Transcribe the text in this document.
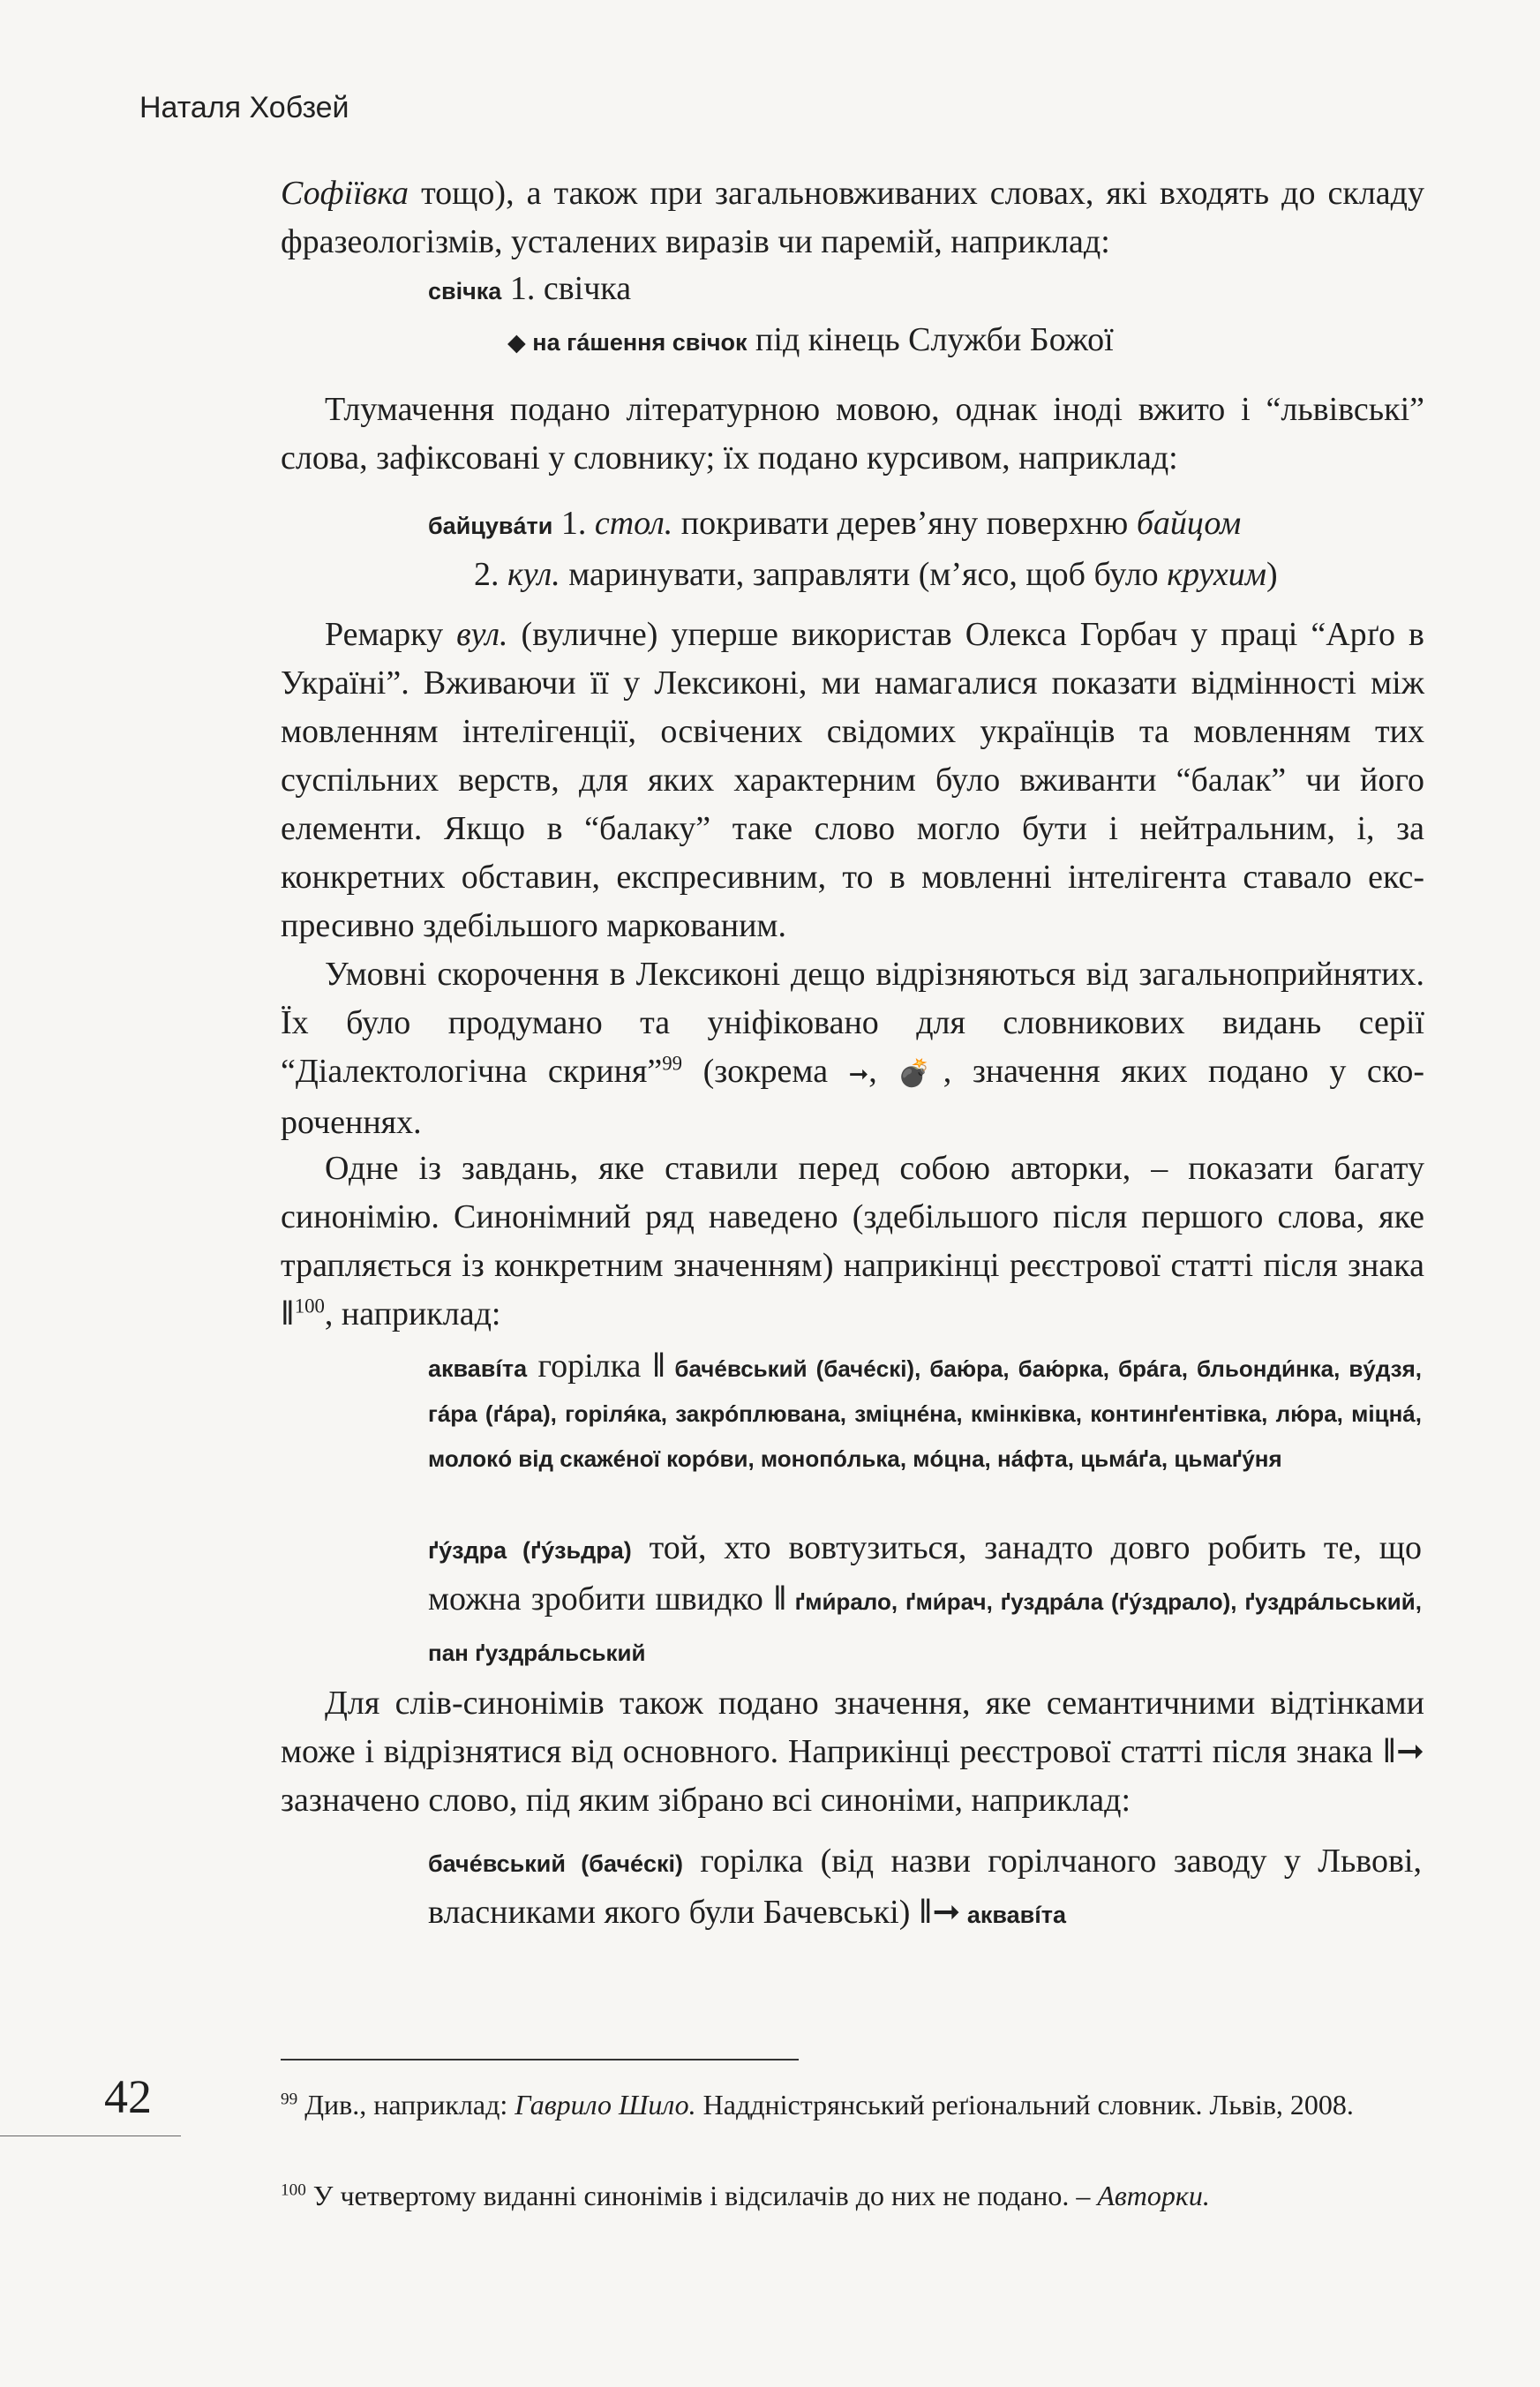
Наталя Хобзей

Софіївка тощо), а також при загальновживаних словах, які входять до складу фразеологізмів, усталених виразів чи паремій, наприклад:

свічка 1. свічка
◆ на гáшення свічок під кінець Служби Божої

Тлумачення подано літературною мовою, однак іноді вжито і “львівські” слова, зафіксовані у словнику; їх подано курсивом, наприклад:

байцувáти 1. стол. покривати дерев’яну поверхню байцом
2. кул. маринувати, заправляти (м’ясо, щоб було крухим)

Ремарку вул. (вуличне) уперше використав Олекса Горбач у праці “Арґо в Україні”. Вживаючи її у Лексиконі, ми намагалися показати відмінності між мовленням інтелігенції, освічених свідомих українців та мовленням тих суспільних верств, для яких характерним було вживанти “балак” чи його елементи. Якщо в “балаку” таке слово могло бути і нейтральним, і, за конкретних обставин, експресивним, то в мовленні інтелігента ставало експресивно здебільшого маркованим.

Умовні скорочення в Лексиконі дещо відрізняються від загальноприйнятих. Їх було продумано та уніфіковано для словникових видань серії “Діалектологічна скриня”$^{99}$ (зокрема ➞, 💣, значення яких подано у скороченнях.

Одне із завдань, яке ставили перед собою авторки, – показати багату синонімію. Синонімний ряд наведено (здебільшого після першого слова, яке трапляється із конкретним значенням) наприкінці реєстрової статті після знака ‖$^{100}$, наприклад:

аквавíта горілка ‖ бачéвський (бачéскі), баю́ра, баю́рка, брáга, бльонди́нка, вýдзя, гáра (ґáра), горіля́ка, закрóплювана, зміцнéна, кмінківка, континґентівка, лю́ра, міцнá, молокó від скажéної корóви, монопóлька, мóцна, нáфта, цьмáґа, цьмаґýня
ґýздра (ґýзьдра) той, хто вовтузиться, занадто довго робить те, що можна зробити швидко ‖ ґми́рало, ґми́рач, ґуздрáла (ґýздрало), ґуздрáльський, пан ґуздрáльський

Для слів-синонімів також подано значення, яке семантичними відтінками може і відрізнятися від основного. Наприкінці реєстрової статті після знака ‖➞ зазначено слово, під яким зібрано всі синоніми, наприклад:

бачéвський (бачéскі) горілка (від назви горілчаного заводу у Львові, власниками якого були Бачевські) ‖➞ аквавíта
42	$^{99}$ Див., наприклад: Гаврило Шило. Наддністрянський реґіональний словник. Львів, 2008.
$^{100}$ У четвертому виданні синонімів і відсилачів до них не подано. – Авторки.
